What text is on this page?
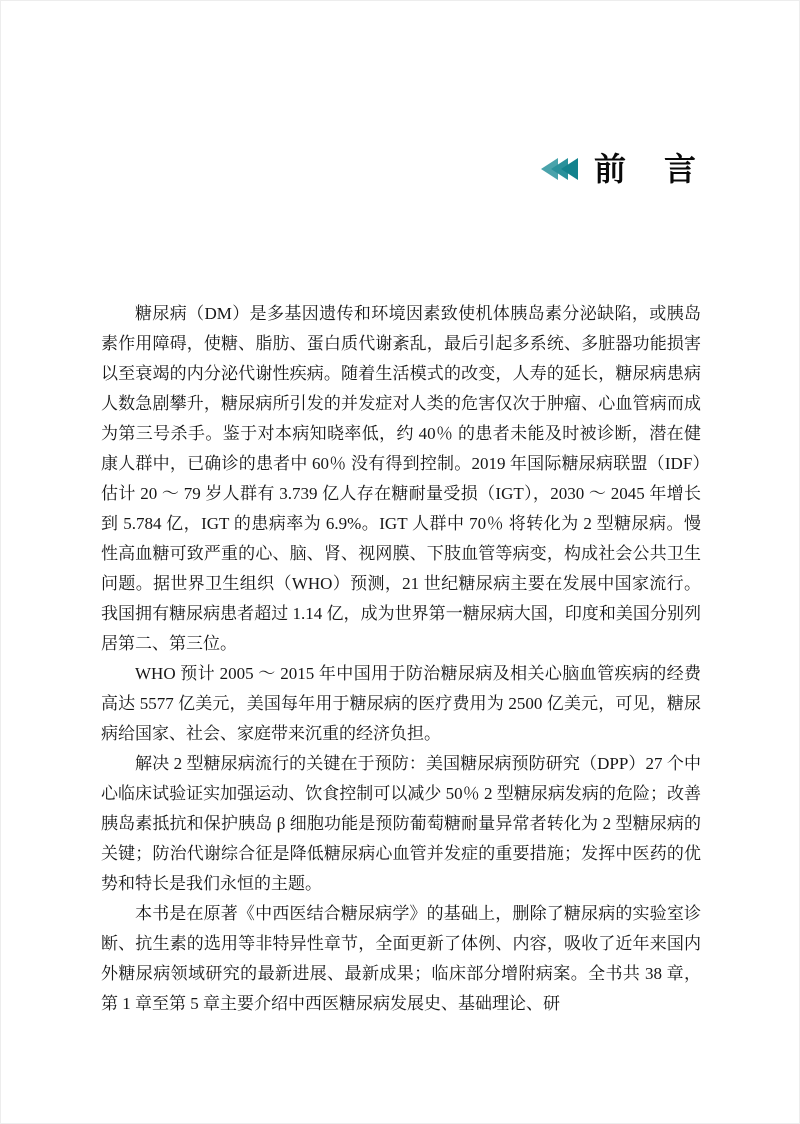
前　言

糖尿病（DM）是多基因遗传和环境因素致使机体胰岛素分泌缺陷，或胰岛素作用障碍，使糖、脂肪、蛋白质代谢紊乱，最后引起多系统、多脏器功能损害以至衰竭的内分泌代谢性疾病。随着生活模式的改变，人寿的延长，糖尿病患病人数急剧攀升，糖尿病所引发的并发症对人类的危害仅次于肿瘤、心血管病而成为第三号杀手。鉴于对本病知晓率低，约 40％ 的患者未能及时被诊断，潜在健康人群中，已确诊的患者中 60％ 没有得到控制。2019 年国际糖尿病联盟（IDF）估计 20 ～ 79 岁人群有 3.739 亿人存在糖耐量受损（IGT），2030 ～ 2045 年增长到 5.784 亿，IGT 的患病率为 6.9%。IGT 人群中 70％ 将转化为 2 型糖尿病。慢性高血糖可致严重的心、脑、肾、视网膜、下肢血管等病变，构成社会公共卫生问题。据世界卫生组织（WHO）预测，21 世纪糖尿病主要在发展中国家流行。我国拥有糖尿病患者超过 1.14 亿，成为世界第一糖尿病大国，印度和美国分别列居第二、第三位。

WHO 预计 2005 ～ 2015 年中国用于防治糖尿病及相关心脑血管疾病的经费高达 5577 亿美元，美国每年用于糖尿病的医疗费用为 2500 亿美元，可见，糖尿病给国家、社会、家庭带来沉重的经济负担。

解决 2 型糖尿病流行的关键在于预防：美国糖尿病预防研究（DPP）27 个中心临床试验证实加强运动、饮食控制可以减少 50％ 2 型糖尿病发病的危险；改善胰岛素抵抗和保护胰岛 β 细胞功能是预防葡萄糖耐量异常者转化为 2 型糖尿病的关键；防治代谢综合征是降低糖尿病心血管并发症的重要措施；发挥中医药的优势和特长是我们永恒的主题。

本书是在原著《中西医结合糖尿病学》的基础上，删除了糖尿病的实验室诊断、抗生素的选用等非特异性章节，全面更新了体例、内容，吸收了近年来国内外糖尿病领域研究的最新进展、最新成果；临床部分增附病案。全书共 38 章，第 1 章至第 5 章主要介绍中西医糖尿病发展史、基础理论、研
